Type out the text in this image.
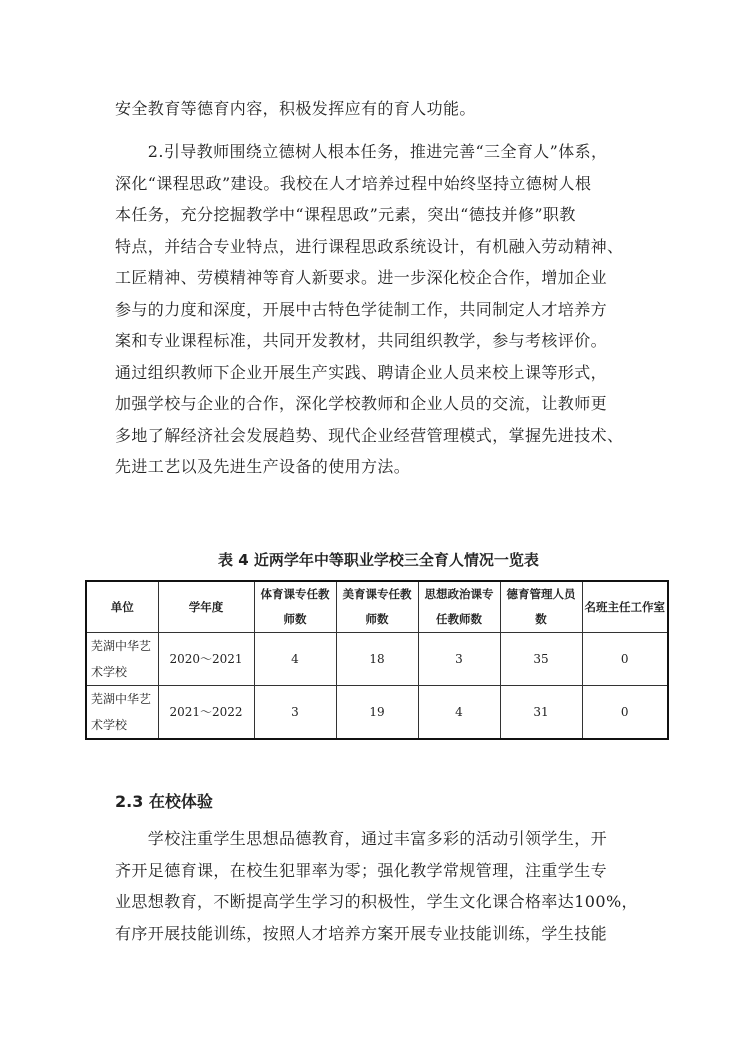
安全教育等德育内容，积极发挥应有的育人功能。
　　2.引导教师围绕立德树人根本任务，推进完善“三全育人”体系，
深化“课程思政”建设。我校在人才培养过程中始终坚持立德树人根
本任务，充分挖掘教学中“课程思政”元素，突出“德技并修”职教
特点，并结合专业特点，进行课程思政系统设计，有机融入劳动精神、
工匠精神、劳模精神等育人新要求。进一步深化校企合作，增加企业
参与的力度和深度，开展中古特色学徒制工作，共同制定人才培养方
案和专业课程标准，共同开发教材，共同组织教学，参与考核评价。
通过组织教师下企业开展生产实践、聘请企业人员来校上课等形式，
加强学校与企业的合作，深化学校教师和企业人员的交流，让教师更
多地了解经济社会发展趋势、现代企业经营管理模式，掌握先进技术、
先进工艺以及先进生产设备的使用方法。
表 4 近两学年中等职业学校三全育人情况一览表
单位	学年度	体育课专任教师数	美育课专任教师数	思想政治课专任教师数	德育管理人员数	名班主任工作室
芜湖中华艺术学校	2020～2021	4	18	3	35	0
芜湖中华艺术学校	2021～2022	3	19	4	31	0
2.3 在校体验
　　学校注重学生思想品德教育，通过丰富多彩的活动引领学生，开
齐开足德育课，在校生犯罪率为零；强化教学常规管理，注重学生专
业思想教育，不断提高学生学习的积极性，学生文化课合格率达100%，
有序开展技能训练，按照人才培养方案开展专业技能训练，学生技能
